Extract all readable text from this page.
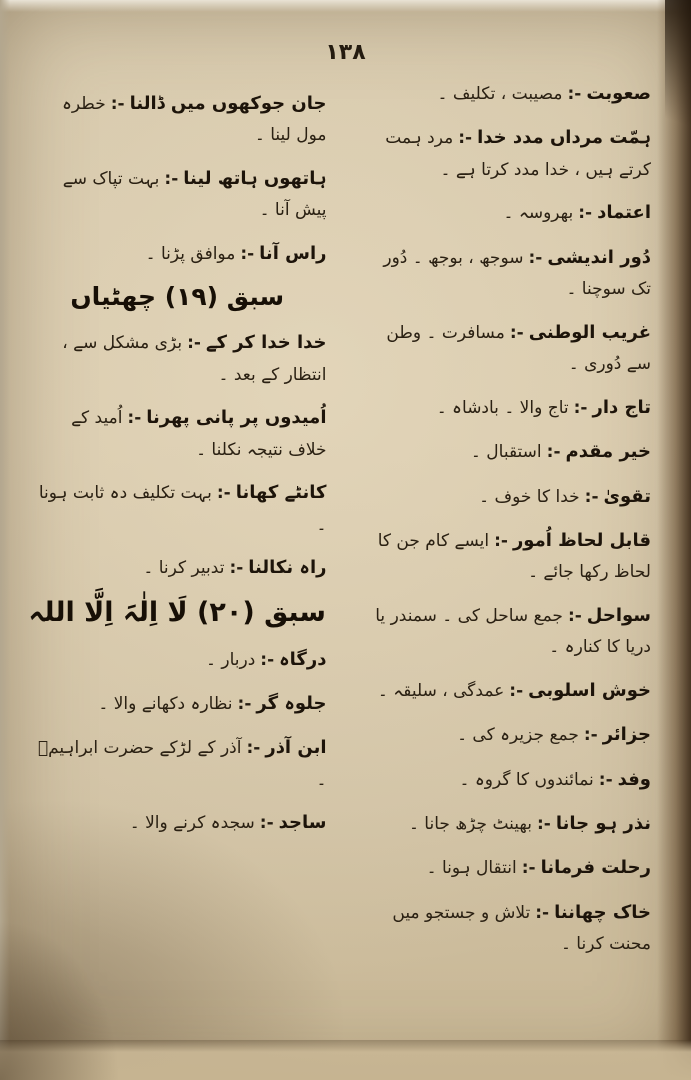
۱۳۸
صعوبت:-مصیبت ، تکلیف ۔
ہمّت مرداں مدد خدا:-مرد ہمت کرتے ہیں ، خدا مدد کرتا ہے ۔
اعتماد:-بھروسہ ۔
دُور اندیشی:-سوجھ ، بوجھ ۔ دُور تک سوچنا ۔
غریب الوطنی:-مسافرت ۔ وطن سے دُوری ۔
تاج دار:-تاج والا ۔ بادشاہ ۔
خیر مقدم:-استقبال ۔
تقویٰ:-خدا کا خوف ۔
قابل لحاظ اُمور:-ایسے کام جن کا لحاظ رکھا جائے ۔
سواحل:-جمع ساحل کی ۔ سمندر یا دریا کا کنارہ ۔
خوش اسلوبی:-عمدگی ، سلیقہ ۔
جزائر:-جمع جزیرہ کی ۔
وفد:-نمائندوں کا گروہ ۔
نذر ہو جانا:-بھینٹ چڑھ جانا ۔
رحلت فرمانا:-انتقال ہونا ۔
خاک چھاننا:-تلاش و جستجو میں محنت کرنا ۔
جان جوکھوں میں ڈالنا:-خطرہ مول لینا ۔
ہاتھوں ہاتھ لینا:-بہت تپاک سے پیش آنا ۔
راس آنا:-موافق پڑنا ۔
سبق (۱۹) چھٹیاں
خدا خدا کر کے:-بڑی مشکل سے ، انتظار کے بعد ۔
اُمیدوں پر پانی پھرنا:-اُمید کے خلاف نتیجہ نکلنا ۔
کانٹے کھانا:-بہت تکلیف دہ ثابت ہونا ۔
راہ نکالنا:-تدبیر کرنا ۔
سبق (۲۰) لَا اِلٰہَ اِلَّا اللہ
درگاہ:-دربار ۔
جلوہ گر:-نظارہ دکھانے والا ۔
ابن آذر:-آذر کے لڑکے حضرت ابراہیمؑ ۔
ساجد:-سجدہ کرنے والا ۔
